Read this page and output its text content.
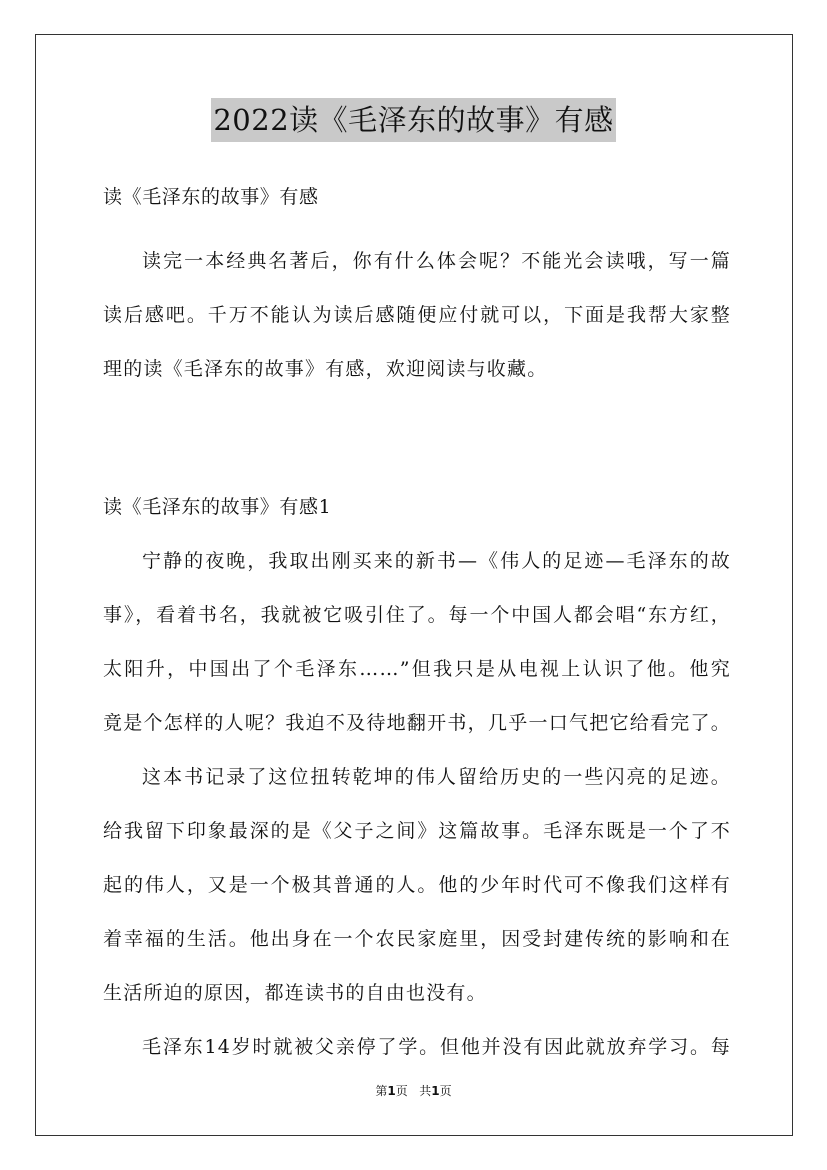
2022读《毛泽东的故事》有感
读《毛泽东的故事》有感
读完一本经典名著后，你有什么体会呢？不能光会读哦，写一篇
读后感吧。千万不能认为读后感随便应付就可以，下面是我帮大家整
理的读《毛泽东的故事》有感，欢迎阅读与收藏。
读《毛泽东的故事》有感1
宁静的夜晚，我取出刚买来的新书—《伟人的足迹—毛泽东的故
事》，看着书名，我就被它吸引住了。每一个中国人都会唱“东方红，
太阳升，中国出了个毛泽东……”但我只是从电视上认识了他。他究
竟是个怎样的人呢？我迫不及待地翻开书，几乎一口气把它给看完了。
这本书记录了这位扭转乾坤的伟人留给历史的一些闪亮的足迹。
给我留下印象最深的是《父子之间》这篇故事。毛泽东既是一个了不
起的伟人，又是一个极其普通的人。他的少年时代可不像我们这样有
着幸福的生活。他出身在一个农民家庭里，因受封建传统的影响和在
生活所迫的原因，都连读书的自由也没有。
毛泽东14岁时就被父亲停了学。但他并没有因此就放弃学习。每
第1页 共1页
